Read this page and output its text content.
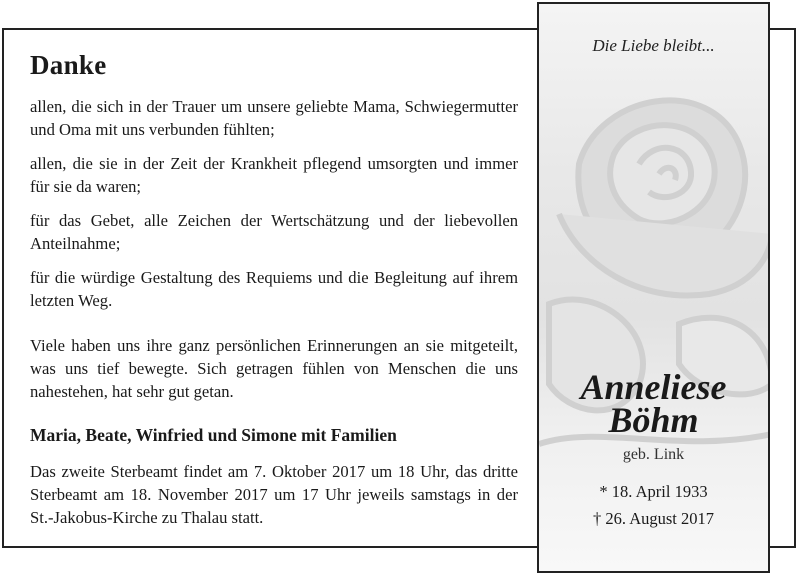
Danke

allen, die sich in der Trauer um unsere geliebte Mama, Schwiegermutter und Oma mit uns verbunden fühlten;

allen, die sie in der Zeit der Krankheit pflegend umsorgten und immer für sie da waren;

für das Gebet, alle Zeichen der Wertschätzung und der liebevollen Anteilnahme;

für die würdige Gestaltung des Requiems und die Begleitung auf ihrem letzten Weg.

Viele haben uns ihre ganz persönlichen Erinnerungen an sie mitgeteilt, was uns tief bewegte. Sich getragen fühlen von Menschen die uns nahestehen, hat sehr gut getan.

Maria, Beate, Winfried und Simone mit Familien

Das zweite Sterbeamt findet am 7. Oktober 2017 um 18 Uhr, das dritte Sterbeamt am 18. November 2017 um 17 Uhr jeweils samstags in der St.-Jakobus-Kirche zu Thalau statt.

Die Liebe bleibt...
Anneliese
Böhm
geb. Link
* 18. April 1933
† 26. August 2017
